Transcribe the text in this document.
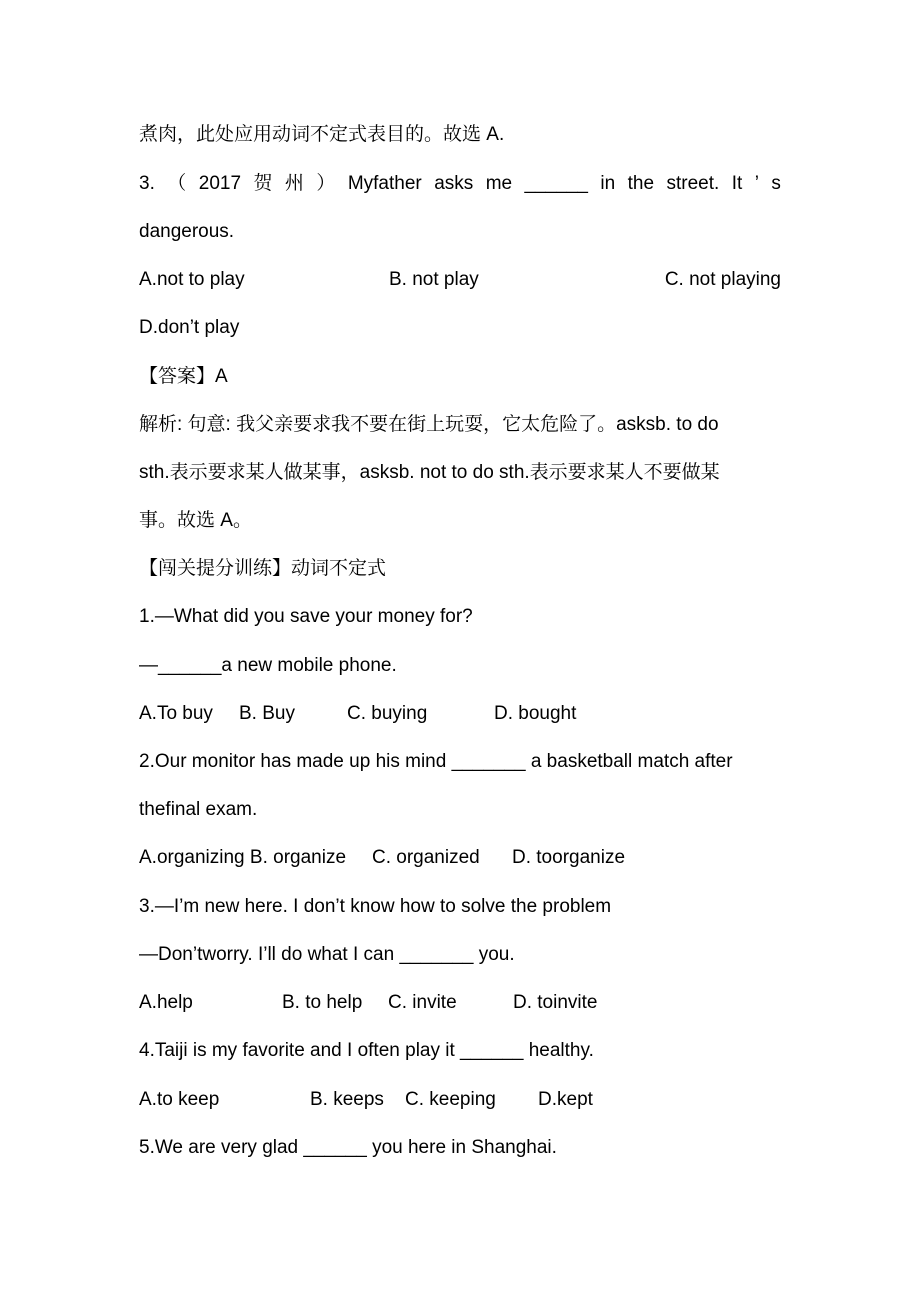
煮肉，此处应用动词不定式表目的。故选 A.
3. （ 2017 贺 州 ） Myfather asks me ______ in the street. It ’ s
dangerous.
A.not to play	B. not play	C. not playing
D.don’t play
【答案】A
解析: 句意: 我父亲要求我不要在街上玩耍，它太危险了。asksb. to do
sth.表示要求某人做某事，asksb. not to do sth.表示要求某人不要做某
事。故选 A。
【闯关提分训练】动词不定式
1.—What did you save your money for?
—______a new mobile phone.
A.To buy B. Buy	C. buying	D. bought
2.Our monitor has made up his mind _______ a basketball match after
thefinal exam.
A.organizing B. organize C. organized D. toorganize
3.—I’m new here. I don’t know how to solve the problem
—Don’tworry. I’ll do what I can _______ you.
A.help	B. to help C. invite	D. toinvite
4.Taiji is my favorite and I often play it ______ healthy.
A.to keep	B. keeps C. keeping D.kept
5.We are very glad ______ you here in Shanghai.
